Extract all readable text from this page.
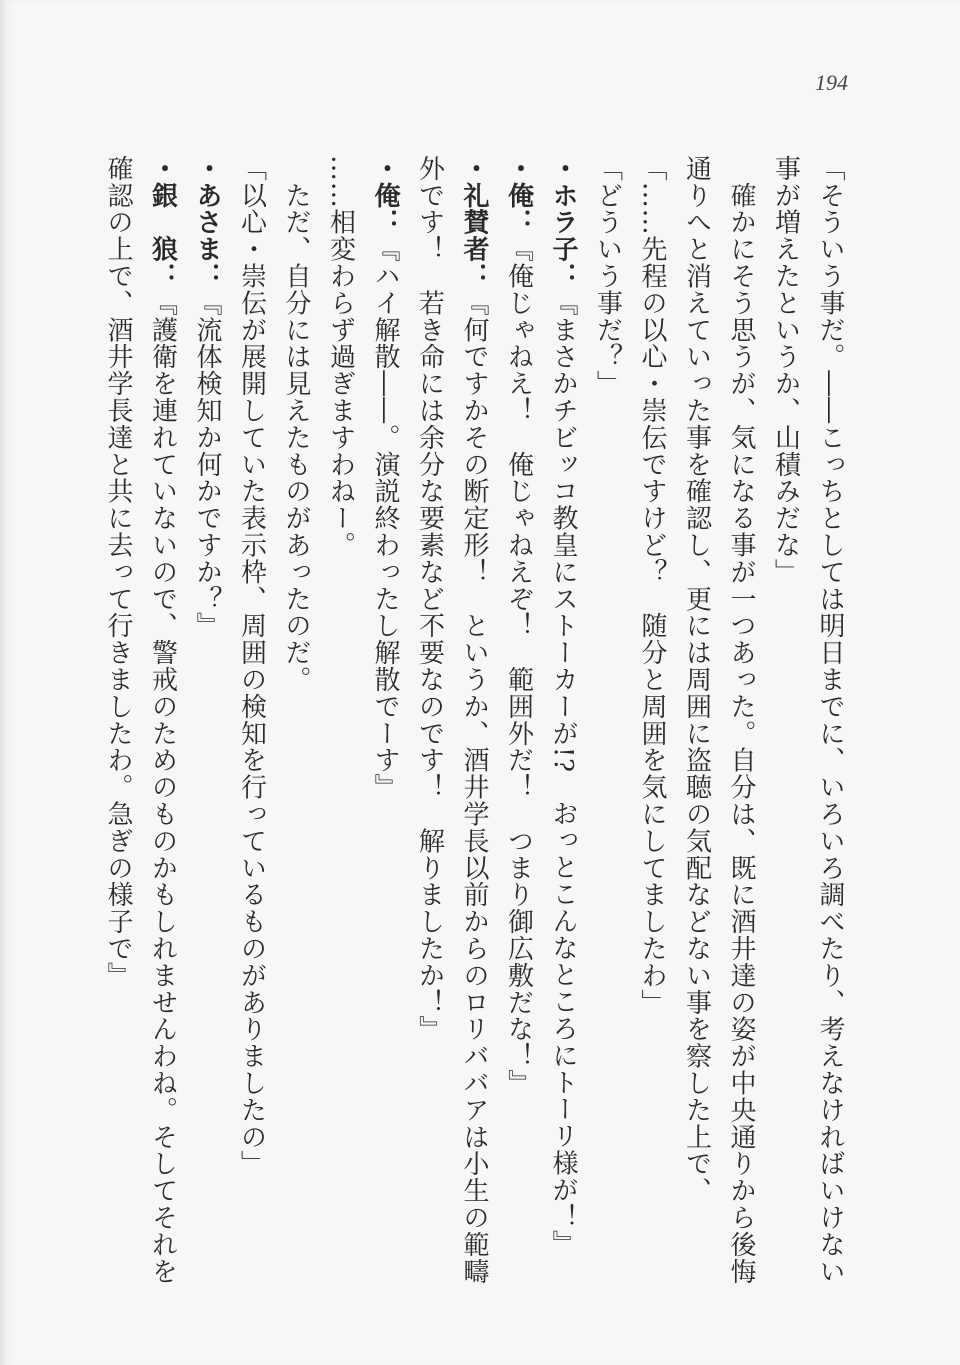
194
「そういう事だ。――こっちとしては明日までに、いろいろ調べたり、考えなければいけない
事が増えたというか、山積みだな」
　確かにそう思うが、気になる事が一つあった。自分は、既に酒井達の姿が中央通りから後悔
通りへと消えていった事を確認し、更には周囲に盗聴の気配などない事を察した上で、
「……先程の以心・崇伝ですけど？　随分と周囲を気にしてましたわ」
「どういう事だ？」
・ホラ子：『まさかチビッコ教皇にストーカーが!?　おっとこんなところにトーリ様が！』
・俺：『俺じゃねえ！　俺じゃねえぞ！　範囲外だ！　つまり御広敷だな！』
・礼賛者：『何ですかその断定形！　というか、酒井学長以前からのロリババアは小生の範疇
外です！　若き命には余分な要素など不要なのです！　解りましたか！』
・俺：『ハイ解散――。演説終わったし解散でーす』
……相変わらず過ぎますわねー。
　ただ、自分には見えたものがあったのだ。
「以心・崇伝が展開していた表示枠、周囲の検知を行っているものがありましたの」
・あさま：『流体検知か何かですか？』
・銀　狼：『護衛を連れていないので、警戒のためのものかもしれませんわね。そしてそれを
確認の上で、酒井学長達と共に去って行きましたわ。急ぎの様子で』
